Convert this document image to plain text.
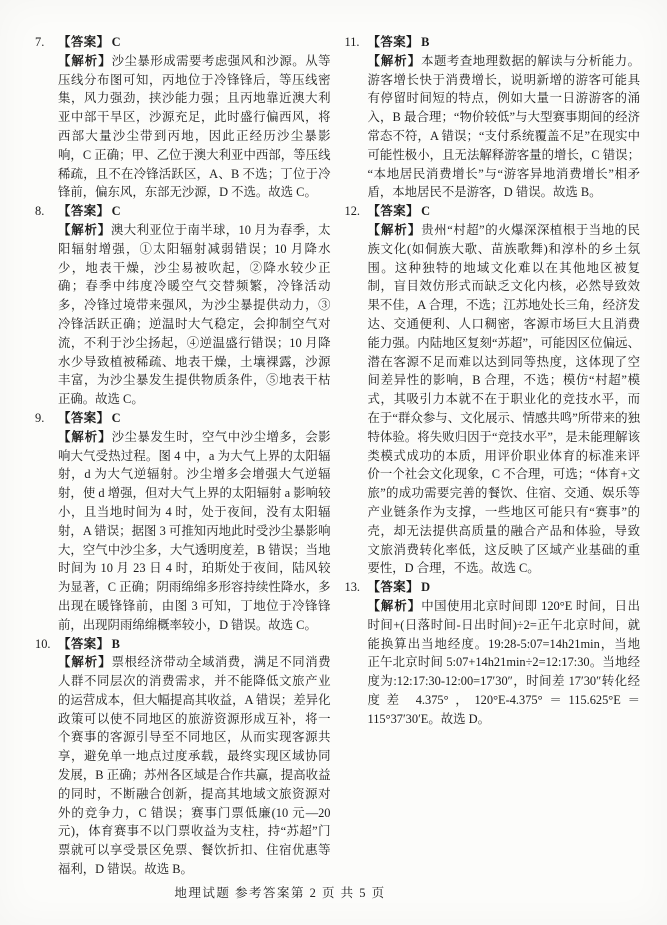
7. 【答案】 C
【解析】沙尘暴形成需要考虑强风和沙源。从等压线分布图可知，丙地位于冷锋锋后，等压线密集，风力强劲，挟沙能力强；且丙地靠近澳大利亚中部干旱区，沙源充足，此时盛行偏西风，将西部大量沙尘带到丙地，因此正经历沙尘暴影响，C 正确；甲、乙位于澳大利亚中西部，等压线稀疏，且不在冷锋活跃区，A、B 不选；丁位于冷锋前，偏东风，东部无沙源，D 不选。故选 C。
8. 【答案】 C
【解析】澳大利亚位于南半球，10 月为春季，太阳辐射增强，①太阳辐射减弱错误；10 月降水少，地表干燥，沙尘易被吹起，②降水较少正确；春季中纬度冷暖空气交替频繁，冷锋活动多，冷锋过境带来强风，为沙尘暴提供动力，③冷锋活跃正确；逆温时大气稳定，会抑制空气对流，不利于沙尘扬起，④逆温盛行错误；10 月降水少导致植被稀疏、地表干燥，土壤裸露，沙源丰富，为沙尘暴发生提供物质条件，⑤地表干枯正确。故选 C。
9. 【答案】 C
【解析】沙尘暴发生时，空气中沙尘增多，会影响大气受热过程。图 4 中，a 为大气上界的太阳辐射，d 为大气逆辐射。沙尘增多会增强大气逆辐射，使 d 增强，但对大气上界的太阳辐射 a 影响较小，且当地时间为 4 时，处于夜间，没有太阳辐射，A 错误；据图 3 可推知丙地此时受沙尘暴影响大，空气中沙尘多，大气透明度差，B 错误；当地时间为 10 月 23 日 4 时，珀斯处于夜间，陆风较为显著，C 正确；阴雨绵绵多形容持续性降水，多出现在暖锋锋前，由图 3 可知，丁地位于冷锋锋前，出现阴雨绵绵概率较小，D 错误。故选 C。
10. 【答案】 B
【解析】票根经济带动全域消费，满足不同消费人群不同层次的消费需求，并不能降低文旅产业的运营成本，但大幅提高其收益，A 错误；差异化政策可以使不同地区的旅游资源形成互补，将一个赛事的客源引导至不同地区，从而实现客源共享，避免单一地点过度承载，最终实现区域协同发展，B 正确；苏州各区域是合作共赢，提高收益的同时，不断融合创新，提高其地域文旅资源对外的竞争力，C 错误；赛事门票低廉(10 元—20 元)，体育赛事不以门票收益为支柱，持“苏超”门票就可以享受景区免票、餐饮折扣、住宿优惠等福利，D 错误。故选 B。
11. 【答案】 B
【解析】本题考查地理数据的解读与分析能力。游客增长快于消费增长，说明新增的游客可能具有停留时间短的特点，例如大量一日游游客的涌入，B 最合理；“物价较低”与大型赛事期间的经济常态不符，A 错误；“支付系统覆盖不足”在现实中可能性极小，且无法解释游客量的增长，C 错误；“本地居民消费增长”与“游客异地消费增长”相矛盾，本地居民不是游客，D 错误。故选 B。
12. 【答案】 C
【解析】贵州“村超”的火爆深深植根于当地的民族文化(如侗族大歌、苗族歌舞)和淳朴的乡土氛围。这种独特的地域文化难以在其他地区被复制，盲目效仿形式而缺乏文化内核，必然导致效果不佳，A 合理，不选；江苏地处长三角，经济发达、交通便利、人口稠密，客源市场巨大且消费能力强。内陆地区复刻“苏超”，可能因区位偏远、潜在客源不足而难以达到同等热度，这体现了空间差异性的影响，B 合理，不选；模仿“村超”模式，其吸引力本就不在于职业化的竞技水平，而在于“群众参与、文化展示、情感共鸣”所带来的独特体验。将失败归因于“竞技水平”，是未能理解该类模式成功的本质，用评价职业体育的标准来评价一个社会文化现象，C 不合理，可选；“体育+文旅”的成功需要完善的餐饮、住宿、交通、娱乐等产业链条作为支撑，一些地区可能只有“赛事”的壳，却无法提供高质量的融合产品和体验，导致文旅消费转化率低，这反映了区域产业基础的重要性，D 合理，不选。故选 C。
13. 【答案】 D
【解析】中国使用北京时间即 120°E 时间，日出时间+(日落时间-日出时间)÷2=正午北京时间，就能换算出当地经度。19:28-5:07=14h21min，当地正午北京时间 5:07+14h21min÷2=12:17:30。当地经度为:12:17:30-12:00=17′30″，时间差 17′30″转化经度差 4.375°，120°E-4.375°＝115.625°E＝115°37′30′E。故选 D。
地理试题 参考答案第 2 页 共 5 页
